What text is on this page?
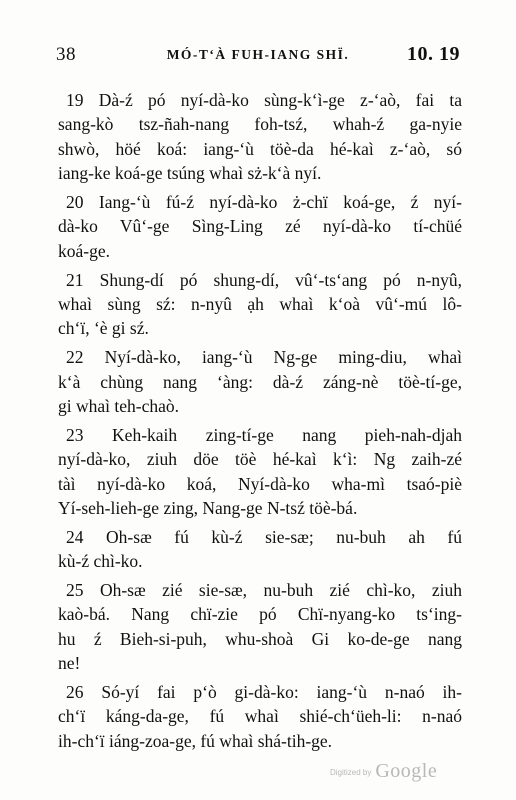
38	MÓ-T‘À FUH-IANG SHÏ.	10. 19
19 Dà-ź pó nyí-dà-ko sùng-k‘ì-ge z-‘aò, fai ta
sang-kò tsz-ñah-nang foh-tsź, whah-ź ga-nyie
shwò, höé koá: iang-‘ù töè-da hé-kaì z-‘aò, só
iang-ke koá-ge tsúng whaì sż-k‘à nyí.
20 Iang-‘ù fú-ź nyí-dà-ko ż-chï koá-ge, ź nyí-
dà-ko Vû‘-ge Sìng-Ling zé nyí-dà-ko tí-chüé
koá-ge.
21 Shung-dí pó shung-dí, vû‘-ts‘ang pó n-nyû,
whaì sùng sź: n-nyû ạh whaì k‘oà vû‘-mú lô-
ch‘ï, ‘è gi sź.
22 Nyí-dà-ko, iang-‘ù Ng-ge ming-diu, whaì
k‘à chùng nang ‘àng: dà-ź záng-nè töè-tí-ge,
gi whaì teh-chaò.
23 Keh-kaih zing-tí-ge nang pieh-nah-djah
nyí-dà-ko, ziuh döe töè hé-kaì k‘ì: Ng zaih-zé
tàì nyí-dà-ko koá, Nyí-dà-ko wha-mì tsaó-piè
Yí-seh-lieh-ge zing, Nang-ge N-tsź töè-bá.
24 Oh-sæ fú kù-ź sie-sæ; nu-buh ah fú
kù-ź chì-ko.
25 Oh-sæ zié sie-sæ, nu-buh zié chì-ko, ziuh
kaò-bá. Nang chï-zie pó Chï-nyang-ko ts‘ing-
hu ź Bieh-si-puh, whu-shoà Gi ko-de-ge nang
ne!
26 Só-yí fai p‘ò gi-dà-ko: iang-‘ù n-naó ih-
ch‘ï káng-da-ge, fú whaì shié-ch‘üeh-li: n-naó
ih-ch‘ï iáng-zoa-ge, fú whaì shá-tih-ge.
Digitized by Google
